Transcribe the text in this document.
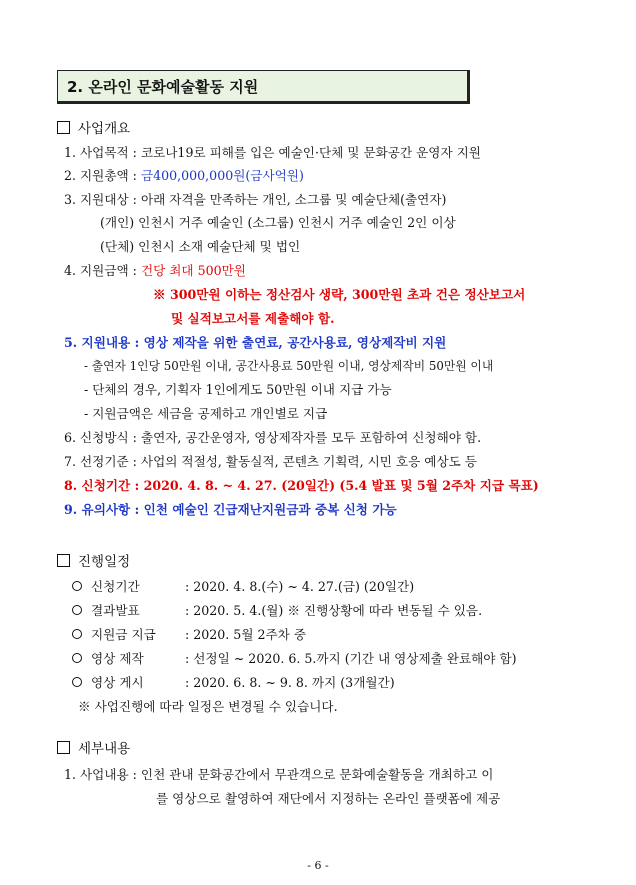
2. 온라인 문화예술활동 지원
사업개요
1. 사업목적 : 코로나19로 피해를 입은 예술인·단체 및 문화공간 운영자 지원
2. 지원총액 : 금400,000,000원(금사억원)
3. 지원대상 : 아래 자격을 만족하는 개인, 소그룹 및 예술단체(출연자)
(개인) 인천시 거주 예술인 (소그룹) 인천시 거주 예술인 2인 이상
(단체) 인천시 소재 예술단체 및 법인
4. 지원금액 : 건당 최대 500만원
※ 300만원 이하는 정산검사 생략, 300만원 초과 건은 정산보고서
및 실적보고서를 제출해야 함.
5. 지원내용 : 영상 제작을 위한 출연료, 공간사용료, 영상제작비 지원
- 출연자 1인당 50만원 이내, 공간사용료 50만원 이내, 영상제작비 50만원 이내
- 단체의 경우, 기획자 1인에게도 50만원 이내 지급 가능
- 지원금액은 세금을 공제하고 개인별로 지급
6. 신청방식 : 출연자, 공간운영자, 영상제작자를 모두 포함하여 신청해야 함.
7. 선정기준 : 사업의 적절성, 활동실적, 콘텐츠 기획력, 시민 호응 예상도 등
8. 신청기간 : 2020. 4. 8. ~ 4. 27. (20일간) (5.4 발표 및 5월 2주차 지급 목표)
9. 유의사항 : 인천 예술인 긴급재난지원금과 중복 신청 가능
진행일정
신청기간	: 2020. 4. 8.(수) ~ 4. 27.(금) (20일간)
결과발표	: 2020. 5. 4.(월) ※ 진행상황에 따라 변동될 수 있음.
지원금 지급 : 2020. 5월 2주차 중
영상 제작	: 선정일 ~ 2020. 6. 5.까지 (기간 내 영상제출 완료해야 함)
영상 게시	: 2020. 6. 8. ~ 9. 8. 까지 (3개월간)
※ 사업진행에 따라 일정은 변경될 수 있습니다.
세부내용
1. 사업내용 : 인천 관내 문화공간에서 무관객으로 문화예술활동을 개최하고 이
를 영상으로 촬영하여 재단에서 지정하는 온라인 플랫폼에 제공
- 6 -
